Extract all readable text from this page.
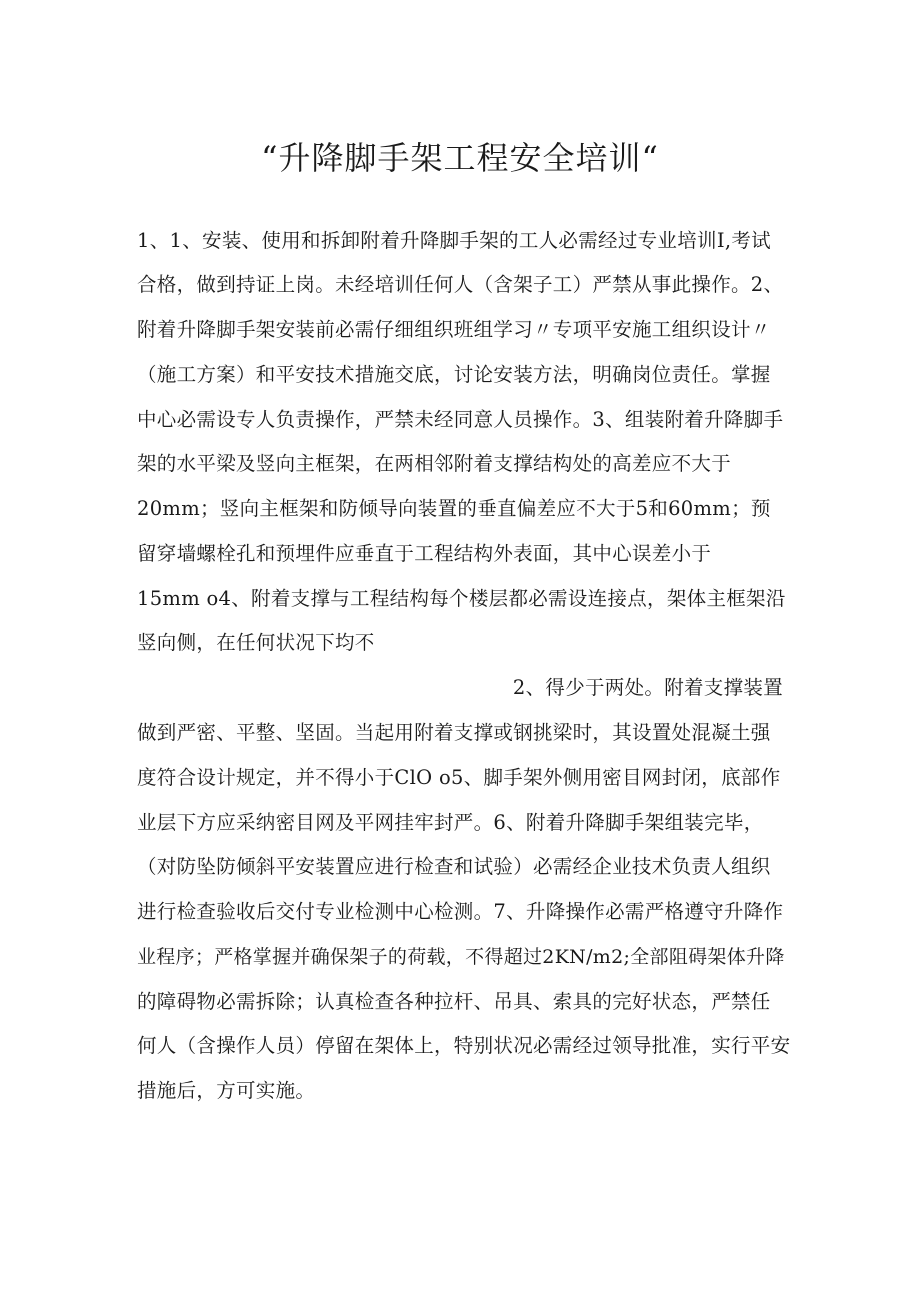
“升降脚手架工程安全培训“
1、1、安装、使用和拆卸附着升降脚手架的工人必需经过专业培训I,考试
合格，做到持证上岗。未经培训任何人（含架子工）严禁从事此操作。2、
附着升降脚手架安装前必需仔细组织班组学习〃专项平安施工组织设计〃
（施工方案）和平安技术措施交底，讨论安装方法，明确岗位责任。掌握
中心必需设专人负责操作，严禁未经同意人员操作。3、组装附着升降脚手
架的水平梁及竖向主框架，在两相邻附着支撑结构处的高差应不大于
20mm；竖向主框架和防倾导向装置的垂直偏差应不大于5和60mm；预
留穿墙螺栓孔和预埋件应垂直于工程结构外表面，其中心误差小于
15mm o4、附着支撑与工程结构每个楼层都必需设连接点，架体主框架沿
竖向侧，在任何状况下均不
2、得少于两处。附着支撑装置
做到严密、平整、坚固。当起用附着支撑或钢挑梁时，其设置处混凝土强
度符合设计规定，并不得小于ClO o5、脚手架外侧用密目网封闭，底部作
业层下方应采纳密目网及平网挂牢封严。6、附着升降脚手架组装完毕，
（对防坠防倾斜平安装置应进行检查和试验）必需经企业技术负责人组织
进行检查验收后交付专业检测中心检测。7、升降操作必需严格遵守升降作
业程序；严格掌握并确保架子的荷载，不得超过2KN∕m2;全部阻碍架体升降
的障碍物必需拆除；认真检查各种拉杆、吊具、索具的完好状态，严禁任
何人（含操作人员）停留在架体上，特别状况必需经过领导批准，实行平安
措施后，方可实施。
